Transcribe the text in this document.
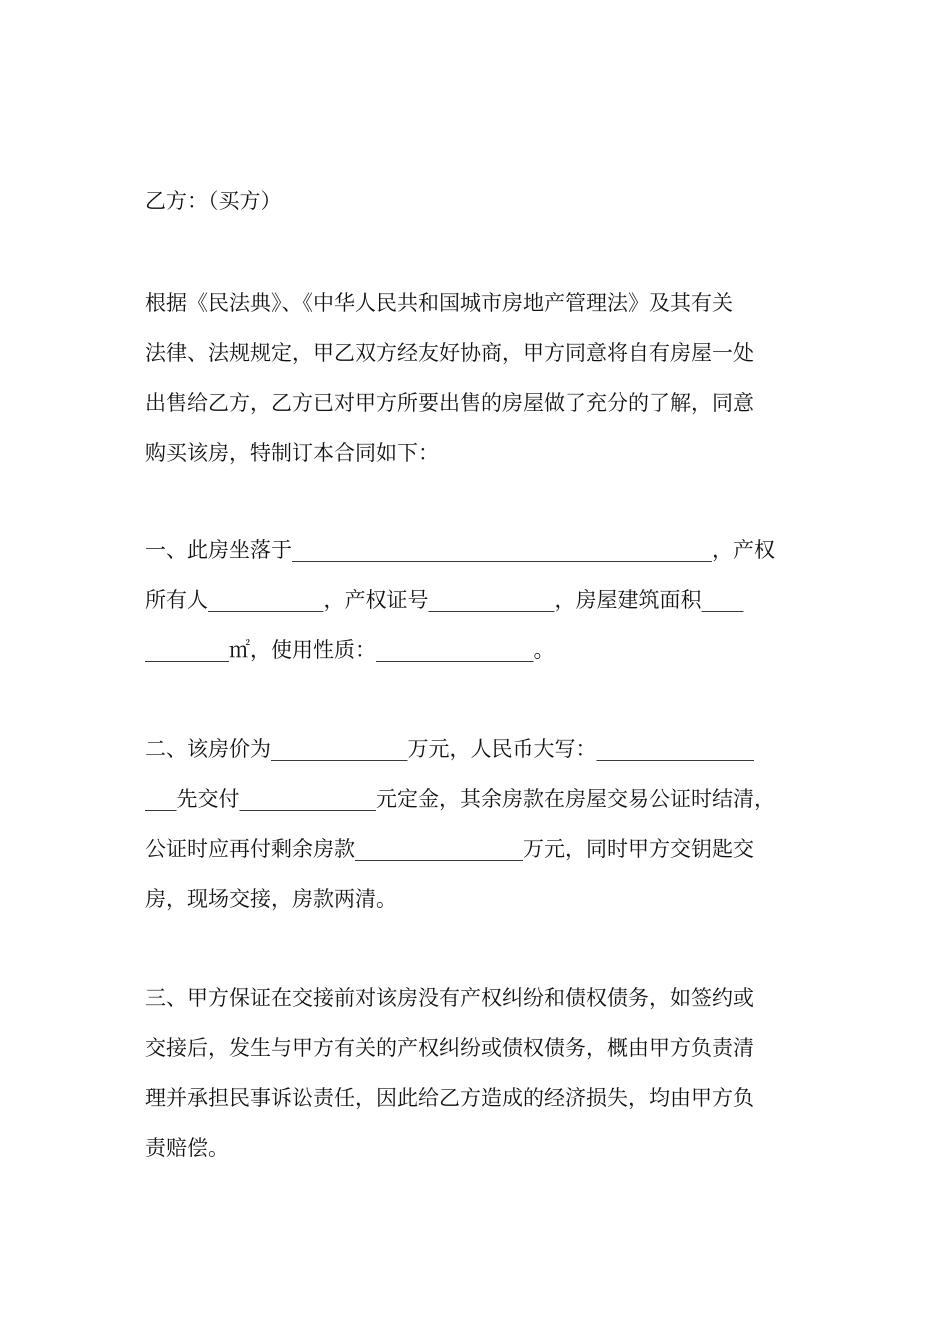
乙方：（买方）

根据《民法典》、《中华人民共和国城市房地产管理法》及其有关
法律、法规规定，甲乙双方经友好协商，甲方同意将自有房屋一处
出售给乙方，乙方已对甲方所要出售的房屋做了充分的了解，同意
购买该房，特制订本合同如下：

一、此房坐落于________________________________________，产权
所有人___________，产权证号____________，房屋建筑面积____
________㎡，使用性质：_______________。

二、该房价为_____________万元，人民币大写：_______________
___先交付_____________元定金，其余房款在房屋交易公证时结清，
公证时应再付剩余房款________________万元，同时甲方交钥匙交
房，现场交接，房款两清。

三、甲方保证在交接前对该房没有产权纠纷和债权债务，如签约或
交接后，发生与甲方有关的产权纠纷或债权债务，概由甲方负责清
理并承担民事诉讼责任，因此给乙方造成的经济损失，均由甲方负
责赔偿。
